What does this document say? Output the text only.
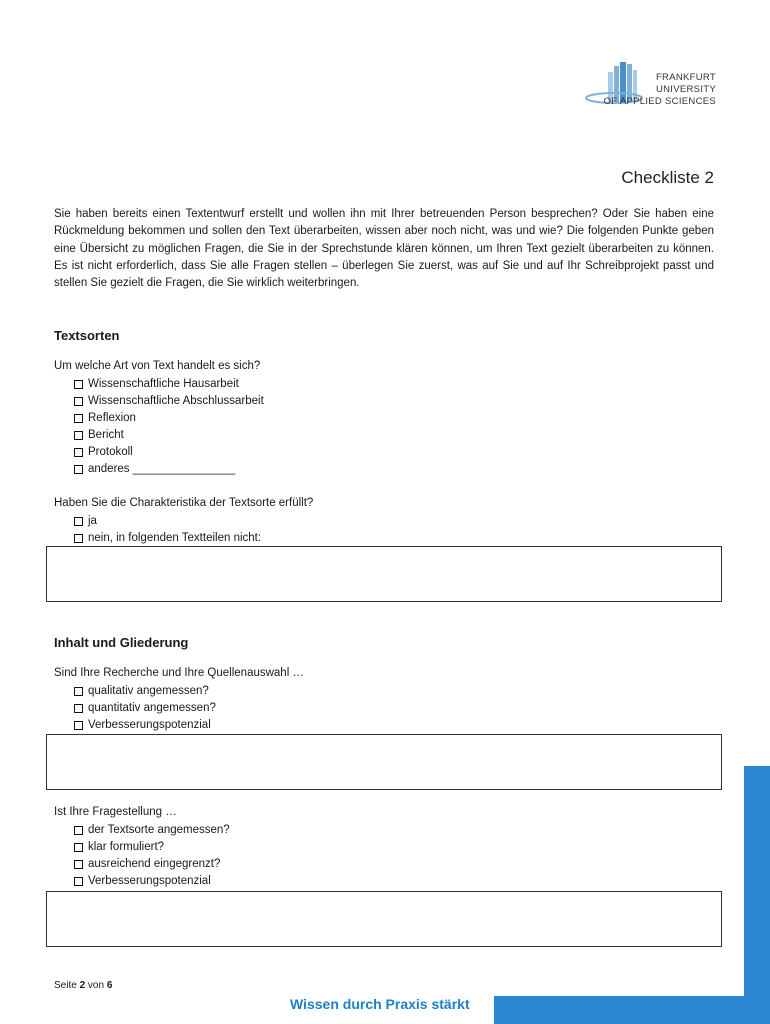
FRANKFURT
UNIVERSITY
OF APPLIED SCIENCES
Checkliste 2
Sie haben bereits einen Textentwurf erstellt und wollen ihn mit Ihrer betreuenden Person besprechen? Oder Sie haben eine Rückmeldung bekommen und sollen den Text überarbeiten, wissen aber noch nicht, was und wie? Die folgenden Punkte geben eine Übersicht zu möglichen Fragen, die Sie in der Sprechstunde klären können, um Ihren Text gezielt überarbeiten zu können. Es ist nicht erforderlich, dass Sie alle Fragen stellen – überlegen Sie zuerst, was auf Sie und auf Ihr Schreibprojekt passt und stellen Sie gezielt die Fragen, die Sie wirklich weiterbringen.
Textsorten
Um welche Art von Text handelt es sich?
Wissenschaftliche Hausarbeit
Wissenschaftliche Abschlussarbeit
Reflexion
Bericht
Protokoll
anderes ________________
Haben Sie die Charakteristika der Textsorte erfüllt?
ja
nein, in folgenden Textteilen nicht:
Inhalt und Gliederung
Sind Ihre Recherche und Ihre Quellenauswahl …
qualitativ angemessen?
quantitativ angemessen?
Verbesserungspotenzial
Ist Ihre Fragestellung …
der Textsorte angemessen?
klar formuliert?
ausreichend eingegrenzt?
Verbesserungspotenzial
Seite 2 von 6
Wissen durch Praxis stärkt
